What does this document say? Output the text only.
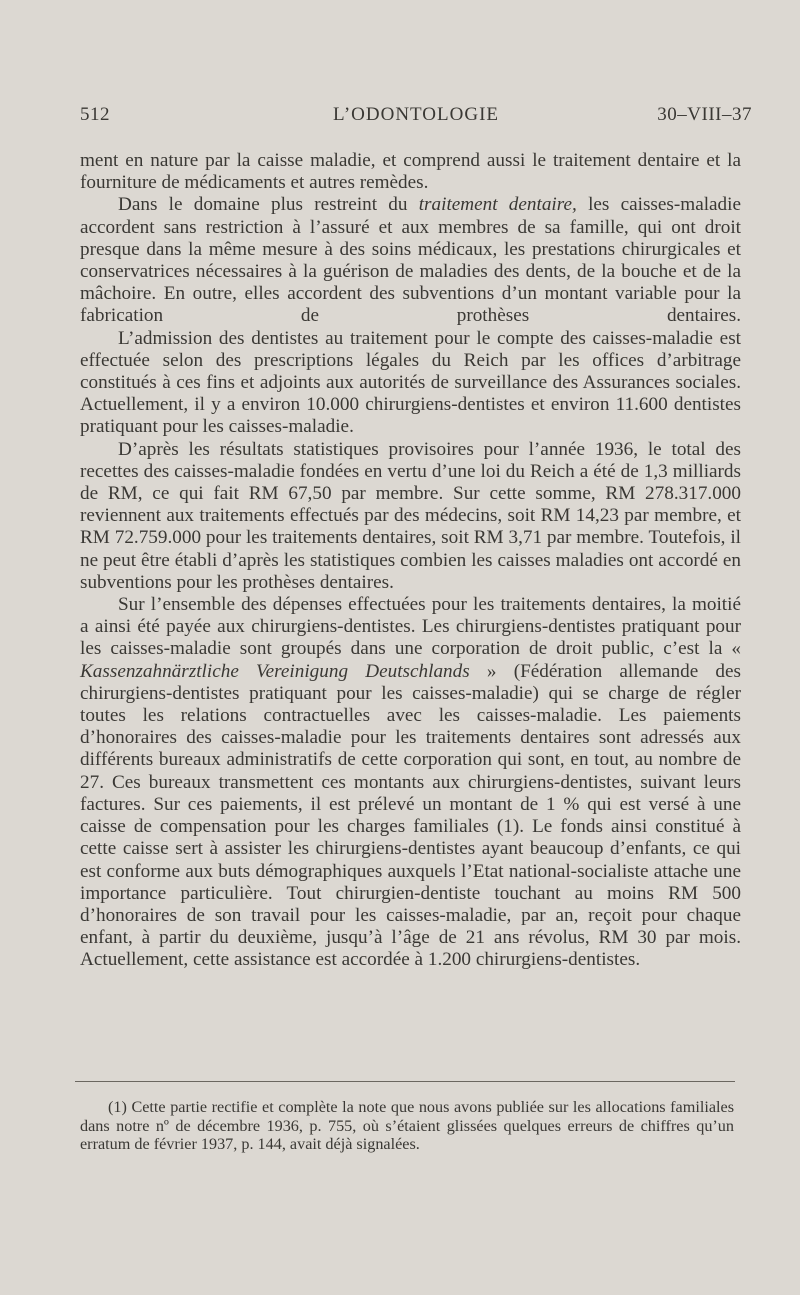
512	L’ODONTOLOGIE	30–VIII–37

ment en nature par la caisse maladie, et comprend aussi le traitement dentaire et la fourniture de médicaments et autres remèdes.

Dans le domaine plus restreint du traitement dentaire, les caisses-maladie accordent sans restriction à l’assuré et aux membres de sa famille, qui ont droit presque dans la même mesure à des soins médicaux, les prestations chirurgicales et conservatrices nécessaires à la guérison de maladies des dents, de la bouche et de la mâchoire. En outre, elles accordent des subventions d’un montant variable pour la fabrication de prothèses dentaires.

L’admission des dentistes au traitement pour le compte des caisses-maladie est effectuée selon des prescriptions légales du Reich par les offices d’arbitrage constitués à ces fins et adjoints aux autorités de surveillance des Assurances sociales. Actuellement, il y a environ 10.000 chirurgiens-dentistes et environ 11.600 dentistes pratiquant pour les caisses-maladie.

D’après les résultats statistiques provisoires pour l’année 1936, le total des recettes des caisses-maladie fondées en vertu d’une loi du Reich a été de 1,3 milliards de RM, ce qui fait RM 67,50 par membre. Sur cette somme, RM 278.317.000 reviennent aux traitements effectués par des médecins, soit RM 14,23 par membre, et RM 72.759.000 pour les traitements dentaires, soit RM 3,71 par membre. Toutefois, il ne peut être établi d’après les statistiques combien les caisses maladies ont accordé en subventions pour les prothèses dentaires.

Sur l’ensemble des dépenses effectuées pour les traitements dentaires, la moitié a ainsi été payée aux chirurgiens-dentistes. Les chirurgiens-dentistes pratiquant pour les caisses-maladie sont groupés dans une corporation de droit public, c’est la « Kassenzahnärztliche Vereinigung Deutschlands » (Fédération allemande des chirurgiens-dentistes pratiquant pour les caisses-maladie) qui se charge de régler toutes les relations contractuelles avec les caisses-maladie. Les paiements d’honoraires des caisses-maladie pour les traitements dentaires sont adressés aux différents bureaux administratifs de cette corporation qui sont, en tout, au nombre de 27. Ces bureaux transmettent ces montants aux chirurgiens-dentistes, suivant leurs factures. Sur ces paiements, il est prélevé un montant de 1 % qui est versé à une caisse de compensation pour les charges familiales (1). Le fonds ainsi constitué à cette caisse sert à assister les chirurgiens-dentistes ayant beaucoup d’enfants, ce qui est conforme aux buts démographiques auxquels l’Etat national-socialiste attache une importance particulière. Tout chirurgien-dentiste touchant au moins RM 500 d’honoraires de son travail pour les caisses-maladie, par an, reçoit pour chaque enfant, à partir du deuxième, jusqu’à l’âge de 21 ans révolus, RM 30 par mois. Actuellement, cette assistance est accordée à 1.200 chirurgiens-dentistes.

(1) Cette partie rectifie et complète la note que nous avons publiée sur les allocations familiales dans notre nº de décembre 1936, p. 755, où s’étaient glissées quelques erreurs de chiffres qu’un erratum de février 1937, p. 144, avait déjà signalées.
